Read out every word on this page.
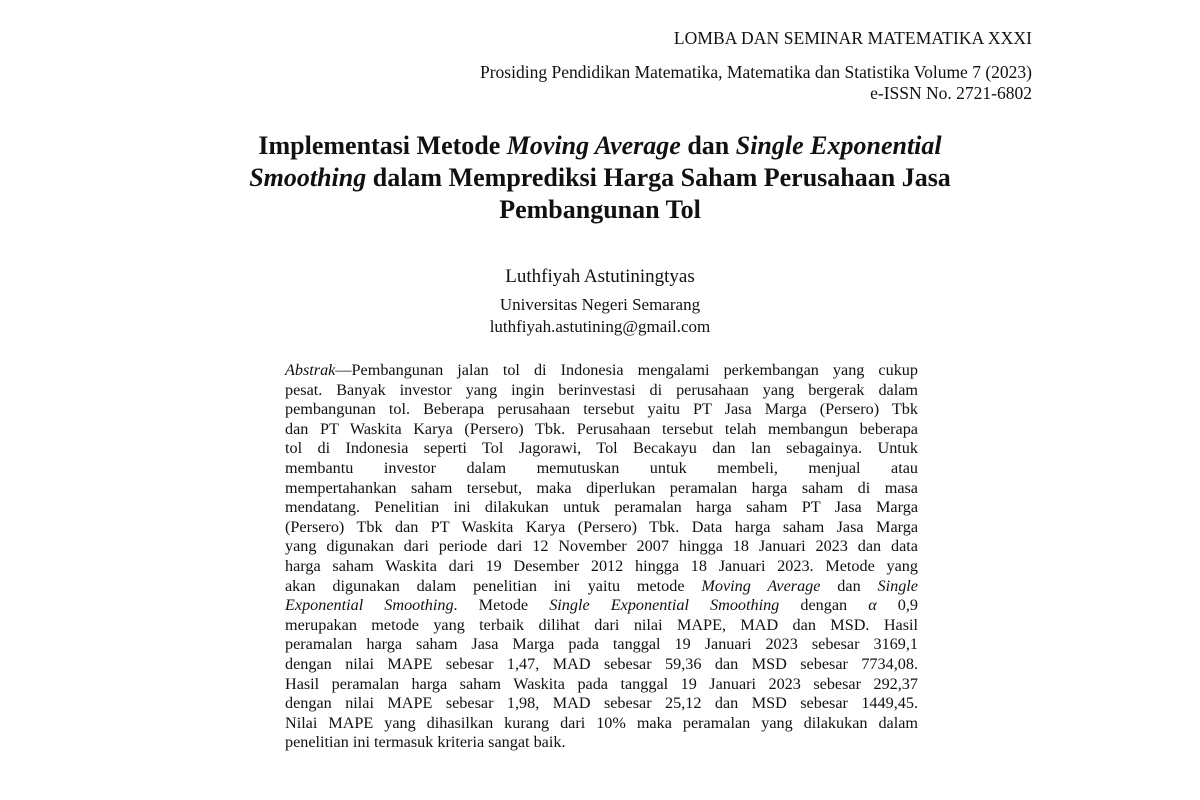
LOMBA DAN SEMINAR MATEMATIKA XXXI
Prosiding Pendidikan Matematika, Matematika dan Statistika Volume 7 (2023)
e-ISSN No. 2721-6802
Implementasi Metode Moving Average dan Single Exponential
Smoothing dalam Memprediksi Harga Saham Perusahaan Jasa
Pembangunan Tol
Luthfiyah Astutiningtyas
Universitas Negeri Semarang
luthfiyah.astutining@gmail.com
Abstrak—Pembangunan jalan tol di Indonesia mengalami perkembangan yang cukup
pesat. Banyak investor yang ingin berinvestasi di perusahaan yang bergerak dalam
pembangunan tol. Beberapa perusahaan tersebut yaitu PT Jasa Marga (Persero) Tbk
dan PT Waskita Karya (Persero) Tbk. Perusahaan tersebut telah membangun beberapa
tol di Indonesia seperti Tol Jagorawi, Tol Becakayu dan lan sebagainya. Untuk
membantu investor dalam memutuskan untuk membeli, menjual atau
mempertahankan saham tersebut, maka diperlukan peramalan harga saham di masa
mendatang. Penelitian ini dilakukan untuk peramalan harga saham PT Jasa Marga
(Persero) Tbk dan PT Waskita Karya (Persero) Tbk. Data harga saham Jasa Marga
yang digunakan dari periode dari 12 November 2007 hingga 18 Januari 2023 dan data
harga saham Waskita dari 19 Desember 2012 hingga 18 Januari 2023. Metode yang
akan digunakan dalam penelitian ini yaitu metode Moving Average dan Single
Exponential Smoothing. Metode Single Exponential Smoothing dengan α 0,9
merupakan metode yang terbaik dilihat dari nilai MAPE, MAD dan MSD. Hasil
peramalan harga saham Jasa Marga pada tanggal 19 Januari 2023 sebesar 3169,1
dengan nilai MAPE sebesar 1,47, MAD sebesar 59,36 dan MSD sebesar 7734,08.
Hasil peramalan harga saham Waskita pada tanggal 19 Januari 2023 sebesar 292,37
dengan nilai MAPE sebesar 1,98, MAD sebesar 25,12 dan MSD sebesar 1449,45.
Nilai MAPE yang dihasilkan kurang dari 10% maka peramalan yang dilakukan dalam
penelitian ini termasuk kriteria sangat baik.
